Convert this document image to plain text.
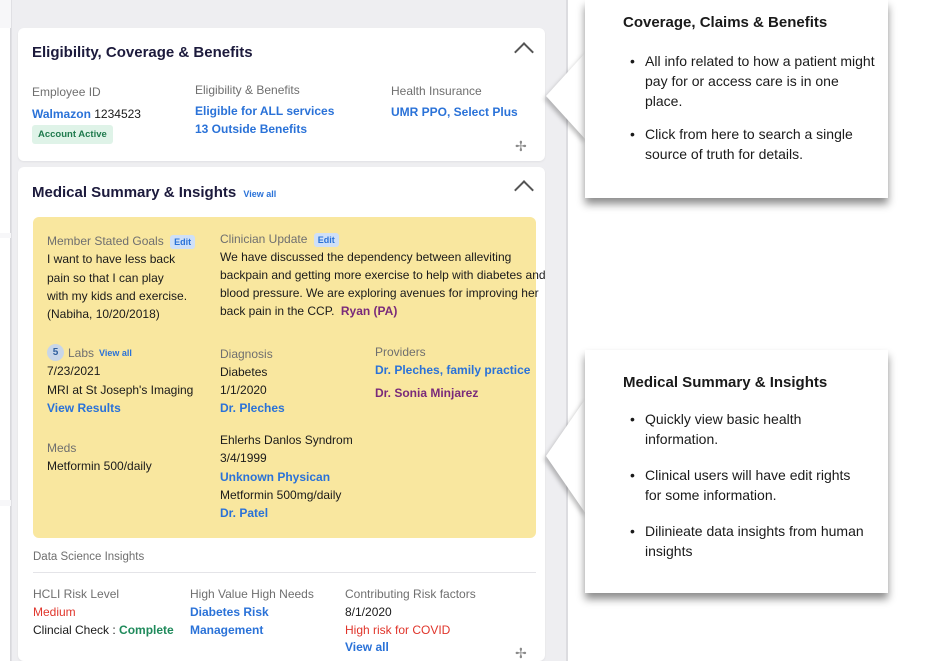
Eligibility, Coverage & Benefits
Employee ID
Walmazon 1234523
Account Active
Eligibility & Benefits
Eligible for ALL services
13 Outside Benefits
Health Insurance
UMR PPO, Select Plus
✢
Medical Summary & Insights View all
Member Stated Goals Edit
I want to have less back
pain so that I can play
with my kids and exercise.
(Nabiha, 10/20/2018)
Clinician Update Edit
We have discussed the dependency between alleviting
backpain and getting more exercise to help with diabetes and
blood pressure. We are exploring avenues for improving her
back pain in the CCP. Ryan (PA)
5 Labs View all
7/23/2021
MRI at St Joseph's Imaging
View Results
Meds
Metformin 500/daily
Diagnosis
Diabetes
1/1/2020
Dr. Pleches
Ehlerhs Danlos Syndrom
3/4/1999
Unknown Physican
Metformin 500mg/daily
Dr. Patel
Providers
Dr. Pleches, family practice
Dr. Sonia Minjarez
Data Science Insights
HCLI Risk Level
Medium
Clincial Check : Complete
High Value High Needs
Diabetes Risk
Management
Contributing Risk factors
8/1/2020
High risk for COVID
View all	✢
Coverage, Claims & Benefits
• All info related to how a patient might pay for or access care is in one place.
• Click from here to search a single source of truth for details.
Medical Summary & Insights
• Quickly view basic health information.
• Clinical users will have edit rights for some information.
• Dilinieate data insights from human insights
